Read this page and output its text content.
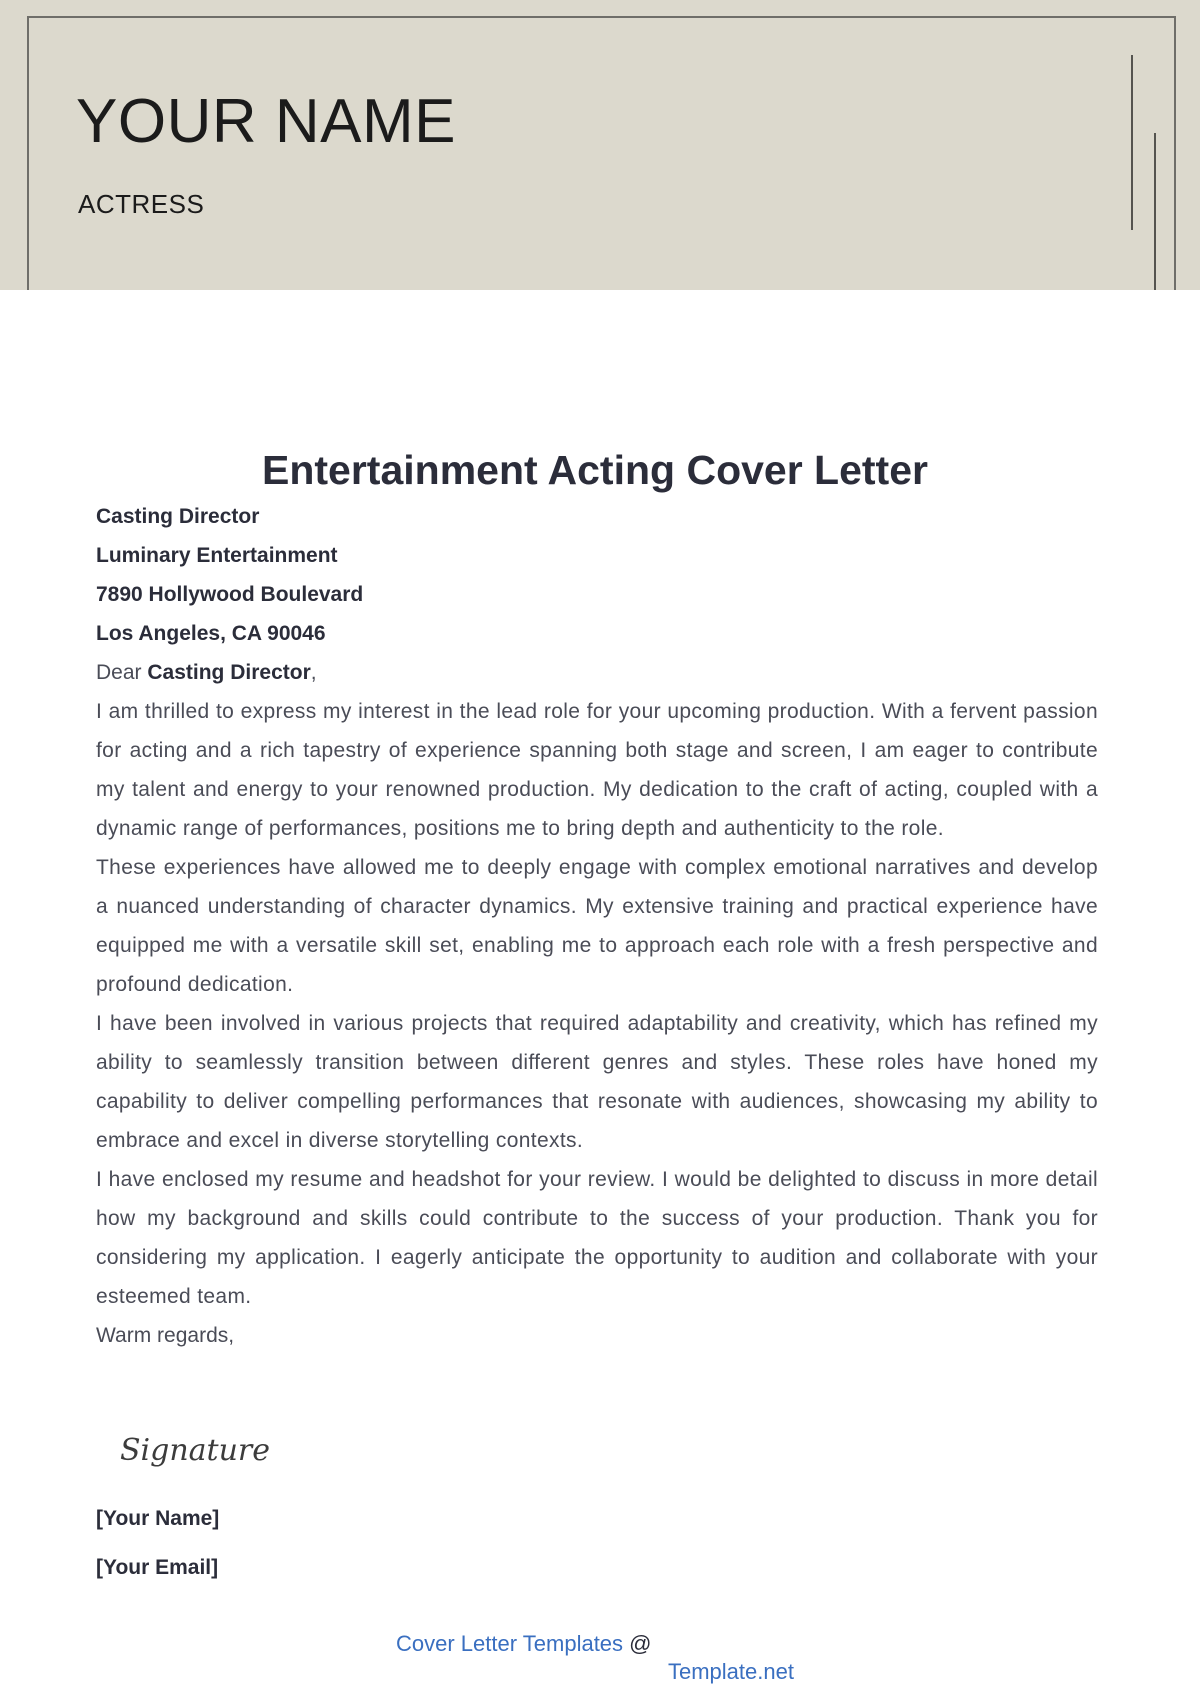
YOUR NAME

ACTRESS

Entertainment Acting Cover Letter

Casting Director

Luminary Entertainment

7890 Hollywood Boulevard

Los Angeles, CA 90046

Dear Casting Director,

I am thrilled to express my interest in the lead role for your upcoming production. With a fervent passion for acting and a rich tapestry of experience spanning both stage and screen, I am eager to contribute my talent and energy to your renowned production. My dedication to the craft of acting, coupled with a dynamic range of performances, positions me to bring depth and authenticity to the role.

These experiences have allowed me to deeply engage with complex emotional narratives and develop a nuanced understanding of character dynamics. My extensive training and practical experience have equipped me with a versatile skill set, enabling me to approach each role with a fresh perspective and profound dedication.

I have been involved in various projects that required adaptability and creativity, which has refined my ability to seamlessly transition between different genres and styles. These roles have honed my capability to deliver compelling performances that resonate with audiences, showcasing my ability to embrace and excel in diverse storytelling contexts.

I have enclosed my resume and headshot for your review. I would be delighted to discuss in more detail how my background and skills could contribute to the success of your production. Thank you for considering my application. I eagerly anticipate the opportunity to audition and collaborate with your esteemed team.

Warm regards,

Signature

[Your Name]

[Your Email]

Cover Letter Templates @
Template.net
